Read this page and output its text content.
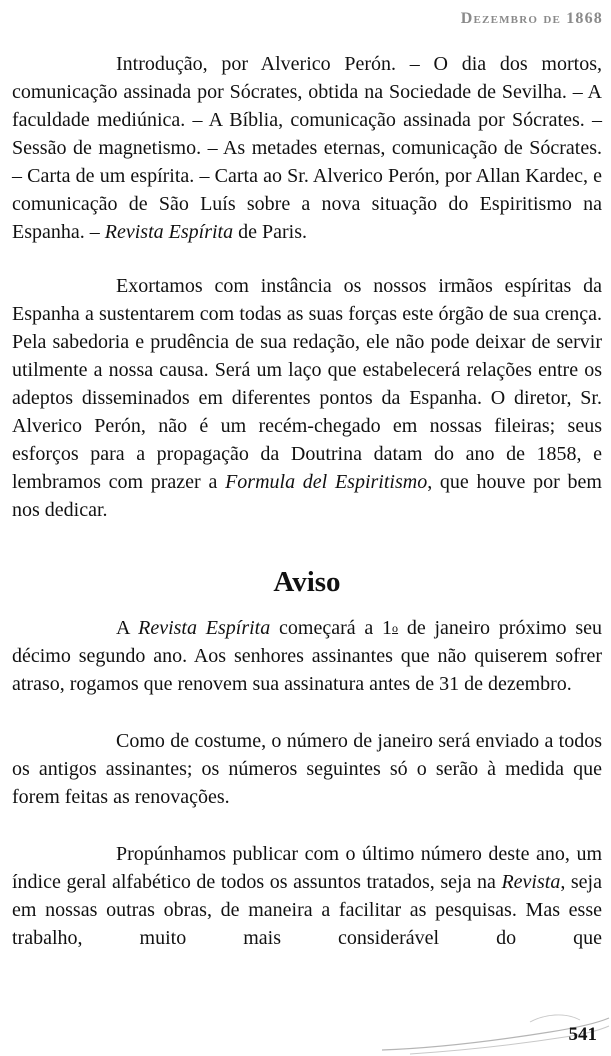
Dezembro de 1868

Introdução, por Alverico Perón. – O dia dos mortos, comunicação assinada por Sócrates, obtida na Sociedade de Sevilha. – A faculdade mediúnica. – A Bíblia, comunicação assinada por Sócrates. – Sessão de magnetismo. – As metades eternas, comunicação de Sócrates. – Carta de um espírita. – Carta ao Sr. Alverico Perón, por Allan Kardec, e comunicação de São Luís sobre a nova situação do Espiritismo na Espanha. – Revista Espírita de Paris.

Exortamos com instância os nossos irmãos espíritas da Espanha a sustentarem com todas as suas forças este órgão de sua crença. Pela sabedoria e prudência de sua redação, ele não pode deixar de servir utilmente a nossa causa. Será um laço que estabelecerá relações entre os adeptos disseminados em diferentes pontos da Espanha. O diretor, Sr. Alverico Perón, não é um recém-chegado em nossas fileiras; seus esforços para a propagação da Doutrina datam do ano de 1858, e lembramos com prazer a Formula del Espiritismo, que houve por bem nos dedicar.

Aviso

A Revista Espírita começará a 1$^o$ de janeiro próximo seu décimo segundo ano. Aos senhores assinantes que não quiserem sofrer atraso, rogamos que renovem sua assinatura antes de 31 de dezembro.

Como de costume, o número de janeiro será enviado a todos os antigos assinantes; os números seguintes só o serão à medida que forem feitas as renovações.

Propúnhamos publicar com o último número deste ano, um índice geral alfabético de todos os assuntos tratados, seja na Revista, seja em nossas outras obras, de maneira a facilitar as pesquisas. Mas esse trabalho, muito mais considerável do que

541
